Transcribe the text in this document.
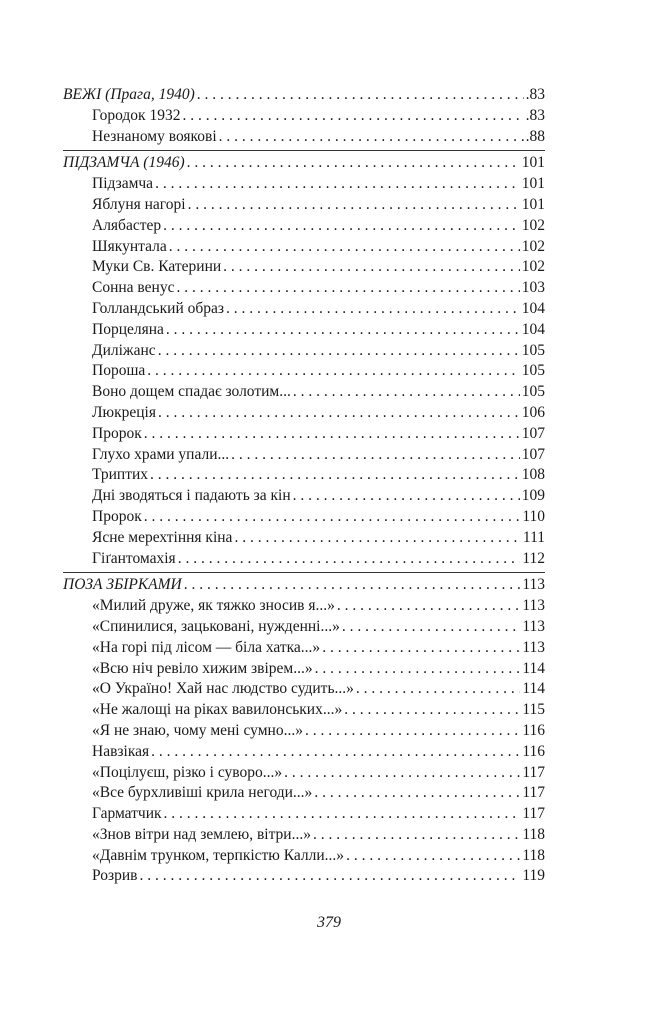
ВЕЖІ (Прага, 1940) . . .	.83
Городок 1932 . . .	.83
Незнаному воякові . . .	.88
ПІДЗАМЧА (1946) . . .	101
Підзамча . . .	101
Яблуня нагорі . . .	101
Алябастер . . .	102
Шякунтала . . .	102
Муки Св. Катерини . . .	102
Сонна венус . . .	103
Голландський образ . . .	104
Порцеляна . . .	104
Диліжанс . . .	105
Пороша . . .	105
Воно дощем спадає золотим... . . .	105
Люкреція . . .	106
Пророк . . .	107
Глухо храми упали... . . .	107
Триптих . . .	108
Дні зводяться і падають за кін . . .	109
Пророк . . .	110
Ясне мерехтіння кіна . . .	111
Гіґантомахія . . .	112
ПОЗА ЗБІРКАМИ . . .	113
«Милий друже, як тяжко зносив я...» . . .	113
«Спинилися, зацьковані, нужденні...» . . .	113
«На горі під лісом — біла хатка...» . . .	113
«Всю ніч ревіло хижим звірем...» . . .	114
«О Україно! Хай нас людство судить...» . . .	114
«Не жалощі на ріках вавилонських...» . . .	115
«Я не знаю, чому мені сумно...» . . .	116
Навзікая . . .	116
«Поцілуєш, різко і суворо...» . . .	117
«Все бурхливіші крила негоди...» . . .	117
Гарматчик . . .	117
«Знов вітри над землею, вітри...» . . .	118
«Давнім трунком, терпкістю Калли...» . . .	118
Розрив . . .	119
379
